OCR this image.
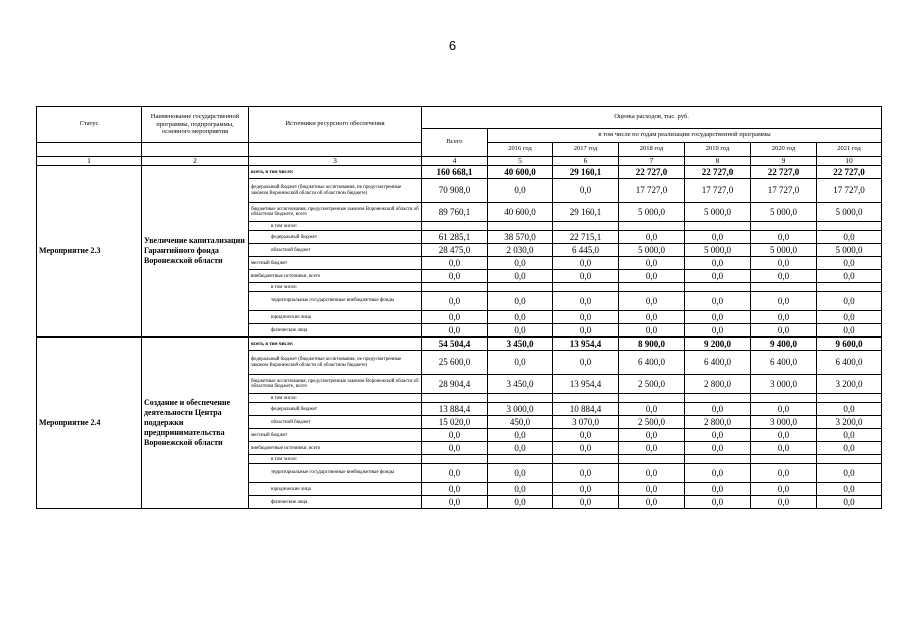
6
Статус	Наименование государственной программы, подпрограммы, основного мероприятия	Источники ресурсного обеспечения	Оценка расходов, тыс. руб.						
			Всего	в том числе по годам реализации государственной программы					
				2016 год	2017 год	2018 год	2019 год	2020 год	2021 год
1	2	3	4	5	6	7	8	9	10
Мероприятие 2.3	Увеличение капитализации Гарантийного фонда Воронежской области	всего, в том числе:	160 668,1	40 600,0	29 160,1	22 727,0	22 727,0	22 727,0	22 727,0
		федеральный бюджет (бюджетные ассигнования, не предусмотренные законом Воронежской области об областном бюджете)	70 908,0	0,0	0,0	17 727,0	17 727,0	17 727,0	17 727,0
		бюджетные ассигнования, предусмотренные законом Воронежской области об областном бюджете, всего	89 760,1	40 600,0	29 160,1	5 000,0	5 000,0	5 000,0	5 000,0
		в том числе:							
		федеральный бюджет	61 285,1	38 570,0	22 715,1	0,0	0,0	0,0	0,0
		областной бюджет	28 475,0	2 030,0	6 445,0	5 000,0	5 000,0	5 000,0	5 000,0
		местный бюджет	0,0	0,0	0,0	0,0	0,0	0,0	0,0
		внебюджетные источники, всего	0,0	0,0	0,0	0,0	0,0	0,0	0,0
		в том числе:							
		территориальные государственные внебюджетные фонды	0,0	0,0	0,0	0,0	0,0	0,0	0,0
		юридические лица	0,0	0,0	0,0	0,0	0,0	0,0	0,0
		физические лица	0,0	0,0	0,0	0,0	0,0	0,0	0,0
Мероприятие 2.4	Создание и обеспечение деятельности Центра поддержки предпринимательства Воронежской области	всего, в том числе:	54 504,4	3 450,0	13 954,4	8 900,0	9 200,0	9 400,0	9 600,0
		федеральный бюджет (бюджетные ассигнования, не предусмотренные законом Воронежской области об областном бюджете)	25 600,0	0,0	0,0	6 400,0	6 400,0	6 400,0	6 400,0
		бюджетные ассигнования, предусмотренные законом Воронежской области об областном бюджете, всего	28 904,4	3 450,0	13 954,4	2 500,0	2 800,0	3 000,0	3 200,0
		в том числе:							
		федеральный бюджет	13 884,4	3 000,0	10 884,4	0,0	0,0	0,0	0,0
		областной бюджет	15 020,0	450,0	3 070,0	2 500,0	2 800,0	3 000,0	3 200,0
		местный бюджет	0,0	0,0	0,0	0,0	0,0	0,0	0,0
		внебюджетные источники, всего	0,0	0,0	0,0	0,0	0,0	0,0	0,0
		в том числе:							
		территориальные государственные внебюджетные фонды	0,0	0,0	0,0	0,0	0,0	0,0	0,0
		юридические лица	0,0	0,0	0,0	0,0	0,0	0,0	0,0
		физические лица	0,0	0,0	0,0	0,0	0,0	0,0	0,0
